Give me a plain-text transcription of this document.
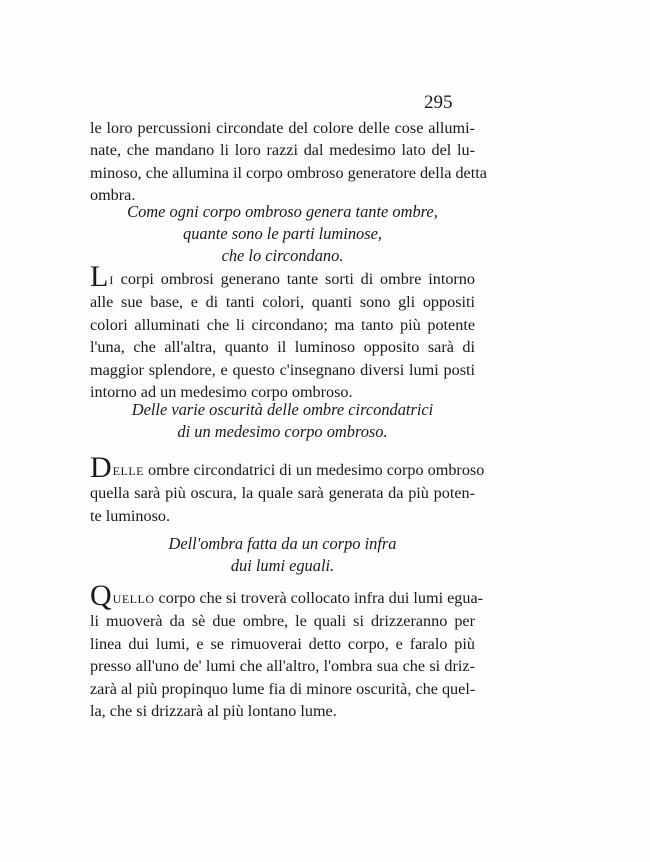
295
le loro percussioni circondate del colore delle cose allumi-
nate, che mandano li loro razzi dal medesimo lato del lu-
minoso, che allumina il corpo ombroso generatore della detta
ombra.
Come ogni corpo ombroso genera tante ombre,
quante sono le parti luminose,
che lo circondano.
LI corpi ombrosi generano tante sorti di ombre intorno
alle sue base, e di tanti colori, quanti sono gli oppositi
colori alluminati che li circondano; ma tanto più potente
l'una, che all'altra, quanto il luminoso opposito sarà di
maggior splendore, e questo c'insegnano diversi lumi posti
intorno ad un medesimo corpo ombroso.
Delle varie oscurità delle ombre circondatrici
di un medesimo corpo ombroso.
DELLE ombre circondatrici di un medesimo corpo ombroso
quella sarà più oscura, la quale sarà generata da più poten-
te luminoso.
Dell'ombra fatta da un corpo infra
dui lumi eguali.
QUELLO corpo che si troverà collocato infra dui lumi egua-
li muoverà da sè due ombre, le quali si drizzeranno per
linea dui lumi, e se rimuoverai detto corpo, e faralo più
presso all'uno de' lumi che all'altro, l'ombra sua che si driz-
zarà al più propinquo lume fia di minore oscurità, che quel-
la, che si drizzarà al più lontano lume.
